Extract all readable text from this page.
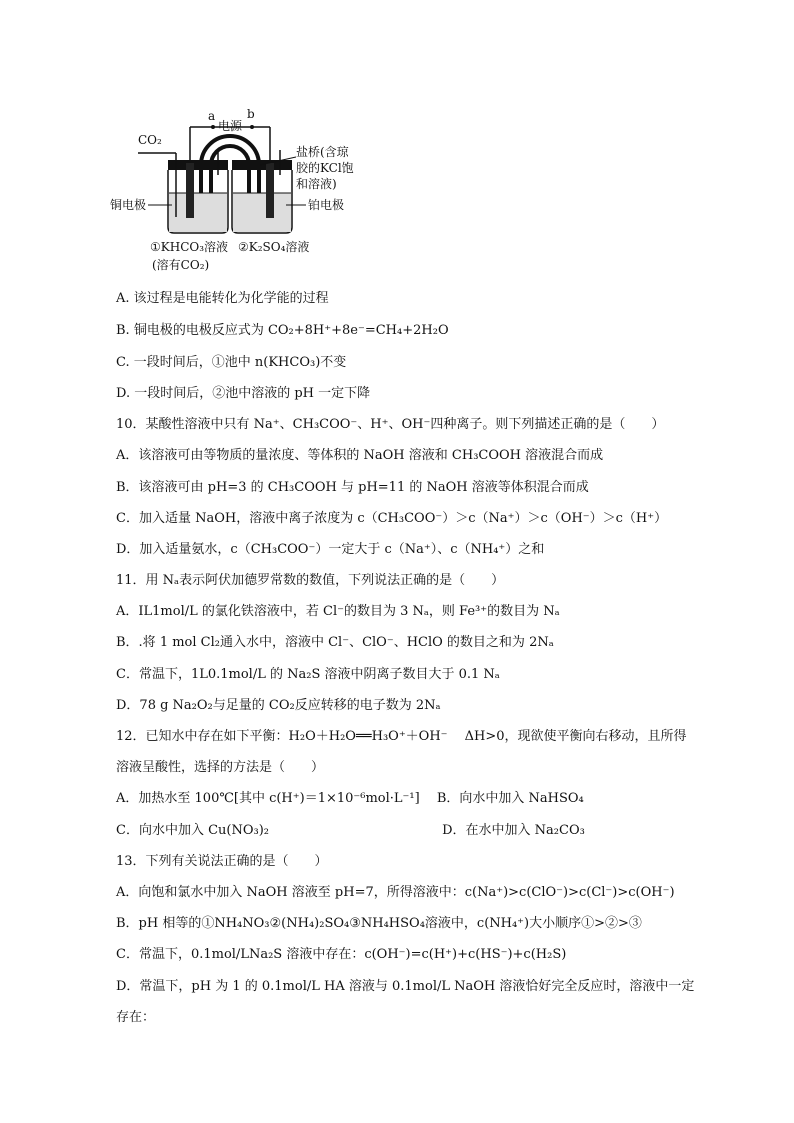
CO₂
a	b
电源
盐桥(含琼
胶的KCl饱
和溶液)
铜电极	铂电极
①KHCO₃溶液 ②K₂SO₄溶液
(溶有CO₂)
A. 该过程是电能转化为化学能的过程
B. 铜电极的电极反应式为 CO₂+8H⁺+8e⁻=CH₄+2H₂O
C. 一段时间后，①池中 n(KHCO₃)不变
D. 一段时间后，②池中溶液的 pH 一定下降
10．某酸性溶液中只有 Na⁺、CH₃COO⁻、H⁺、OH⁻四种离子。则下列描述正确的是（　　）
A．该溶液可由等物质的量浓度、等体积的 NaOH 溶液和 CH₃COOH 溶液混合而成
B．该溶液可由 pH=3 的 CH₃COOH 与 pH=11 的 NaOH 溶液等体积混合而成
C．加入适量 NaOH，溶液中离子浓度为 c（CH₃COO⁻）＞c（Na⁺）＞c（OH⁻）＞c（H⁺）
D．加入适量氨水，c（CH₃COO⁻）一定大于 c（Na⁺）、c（NH₄⁺）之和
11．用 Nₐ表示阿伏加德罗常数的数值，下列说法正确的是（　　）
A．IL1mol/L 的氯化铁溶液中，若 Cl⁻的数目为 3 Nₐ，则 Fe³⁺的数目为 Nₐ
B．.将 1 mol Cl₂通入水中，溶液中 Cl⁻、ClO⁻、HClO 的数目之和为 2Nₐ
C．常温下，1L0.1mol/L 的 Na₂S 溶液中阴离子数目大于 0.1 Nₐ
D．78 g Na₂O₂与足量的 CO₂反应转移的电子数为 2Nₐ
12．已知水中存在如下平衡：H₂O＋H₂O══H₃O⁺＋OH⁻　 ΔH>0，现欲使平衡向右移动，且所得
溶液呈酸性，选择的方法是（　　）
A．加热水至 100℃[其中 c(H⁺)＝1×10⁻⁶mol·L⁻¹]　 B．向水中加入 NaHSO₄
C．向水中加入 Cu(NO₃)₂　　　　　　　　　　　　　 D．在水中加入 Na₂CO₃
13．下列有关说法正确的是（　　）
A．向饱和氯水中加入 NaOH 溶液至 pH=7，所得溶液中：c(Na⁺)>c(ClO⁻)>c(Cl⁻)>c(OH⁻)
B．pH 相等的①NH₄NO₃②(NH₄)₂SO₄③NH₄HSO₄溶液中，c(NH₄⁺)大小顺序①>②>③
C．常温下，0.1mol/LNa₂S 溶液中存在：c(OH⁻)=c(H⁺)+c(HS⁻)+c(H₂S)
D．常温下，pH 为 1 的 0.1mol/L HA 溶液与 0.1mol/L NaOH 溶液恰好完全反应时，溶液中一定
存在：
